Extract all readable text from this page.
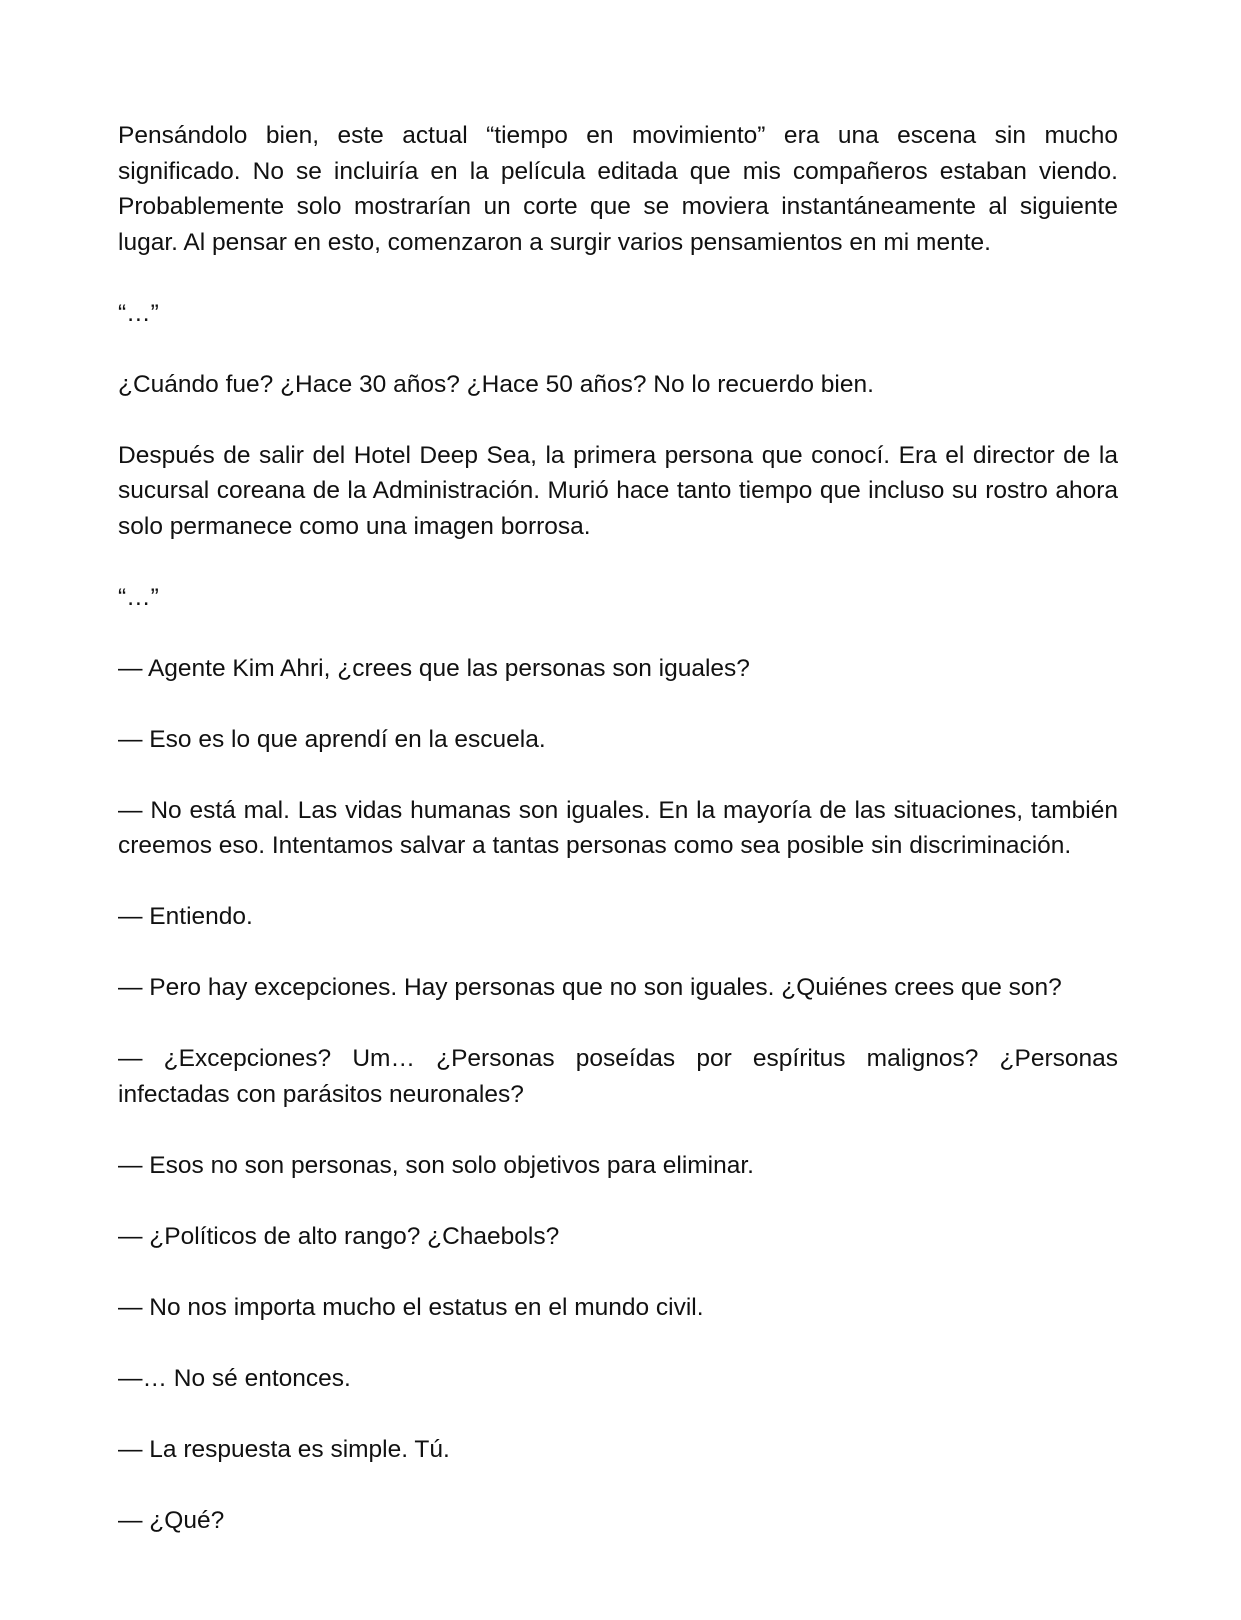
Pensándolo bien, este actual “tiempo en movimiento” era una escena sin mucho significado. No se incluiría en la película editada que mis compañeros estaban viendo. Probablemente solo mostrarían un corte que se moviera instantáneamente al siguiente lugar. Al pensar en esto, comenzaron a surgir varios pensamientos en mi mente.

“…”

¿Cuándo fue? ¿Hace 30 años? ¿Hace 50 años? No lo recuerdo bien.

Después de salir del Hotel Deep Sea, la primera persona que conocí. Era el director de la sucursal coreana de la Administración. Murió hace tanto tiempo que incluso su rostro ahora solo permanece como una imagen borrosa.

“…”

— Agente Kim Ahri, ¿crees que las personas son iguales?

— Eso es lo que aprendí en la escuela.

— No está mal. Las vidas humanas son iguales. En la mayoría de las situaciones, también creemos eso. Intentamos salvar a tantas personas como sea posible sin discriminación.

— Entiendo.

— Pero hay excepciones. Hay personas que no son iguales. ¿Quiénes crees que son?

— ¿Excepciones? Um… ¿Personas poseídas por espíritus malignos? ¿Personas infectadas con parásitos neuronales?

— Esos no son personas, son solo objetivos para eliminar.

— ¿Políticos de alto rango? ¿Chaebols?

— No nos importa mucho el estatus en el mundo civil.

—… No sé entonces.

— La respuesta es simple. Tú.

— ¿Qué?
